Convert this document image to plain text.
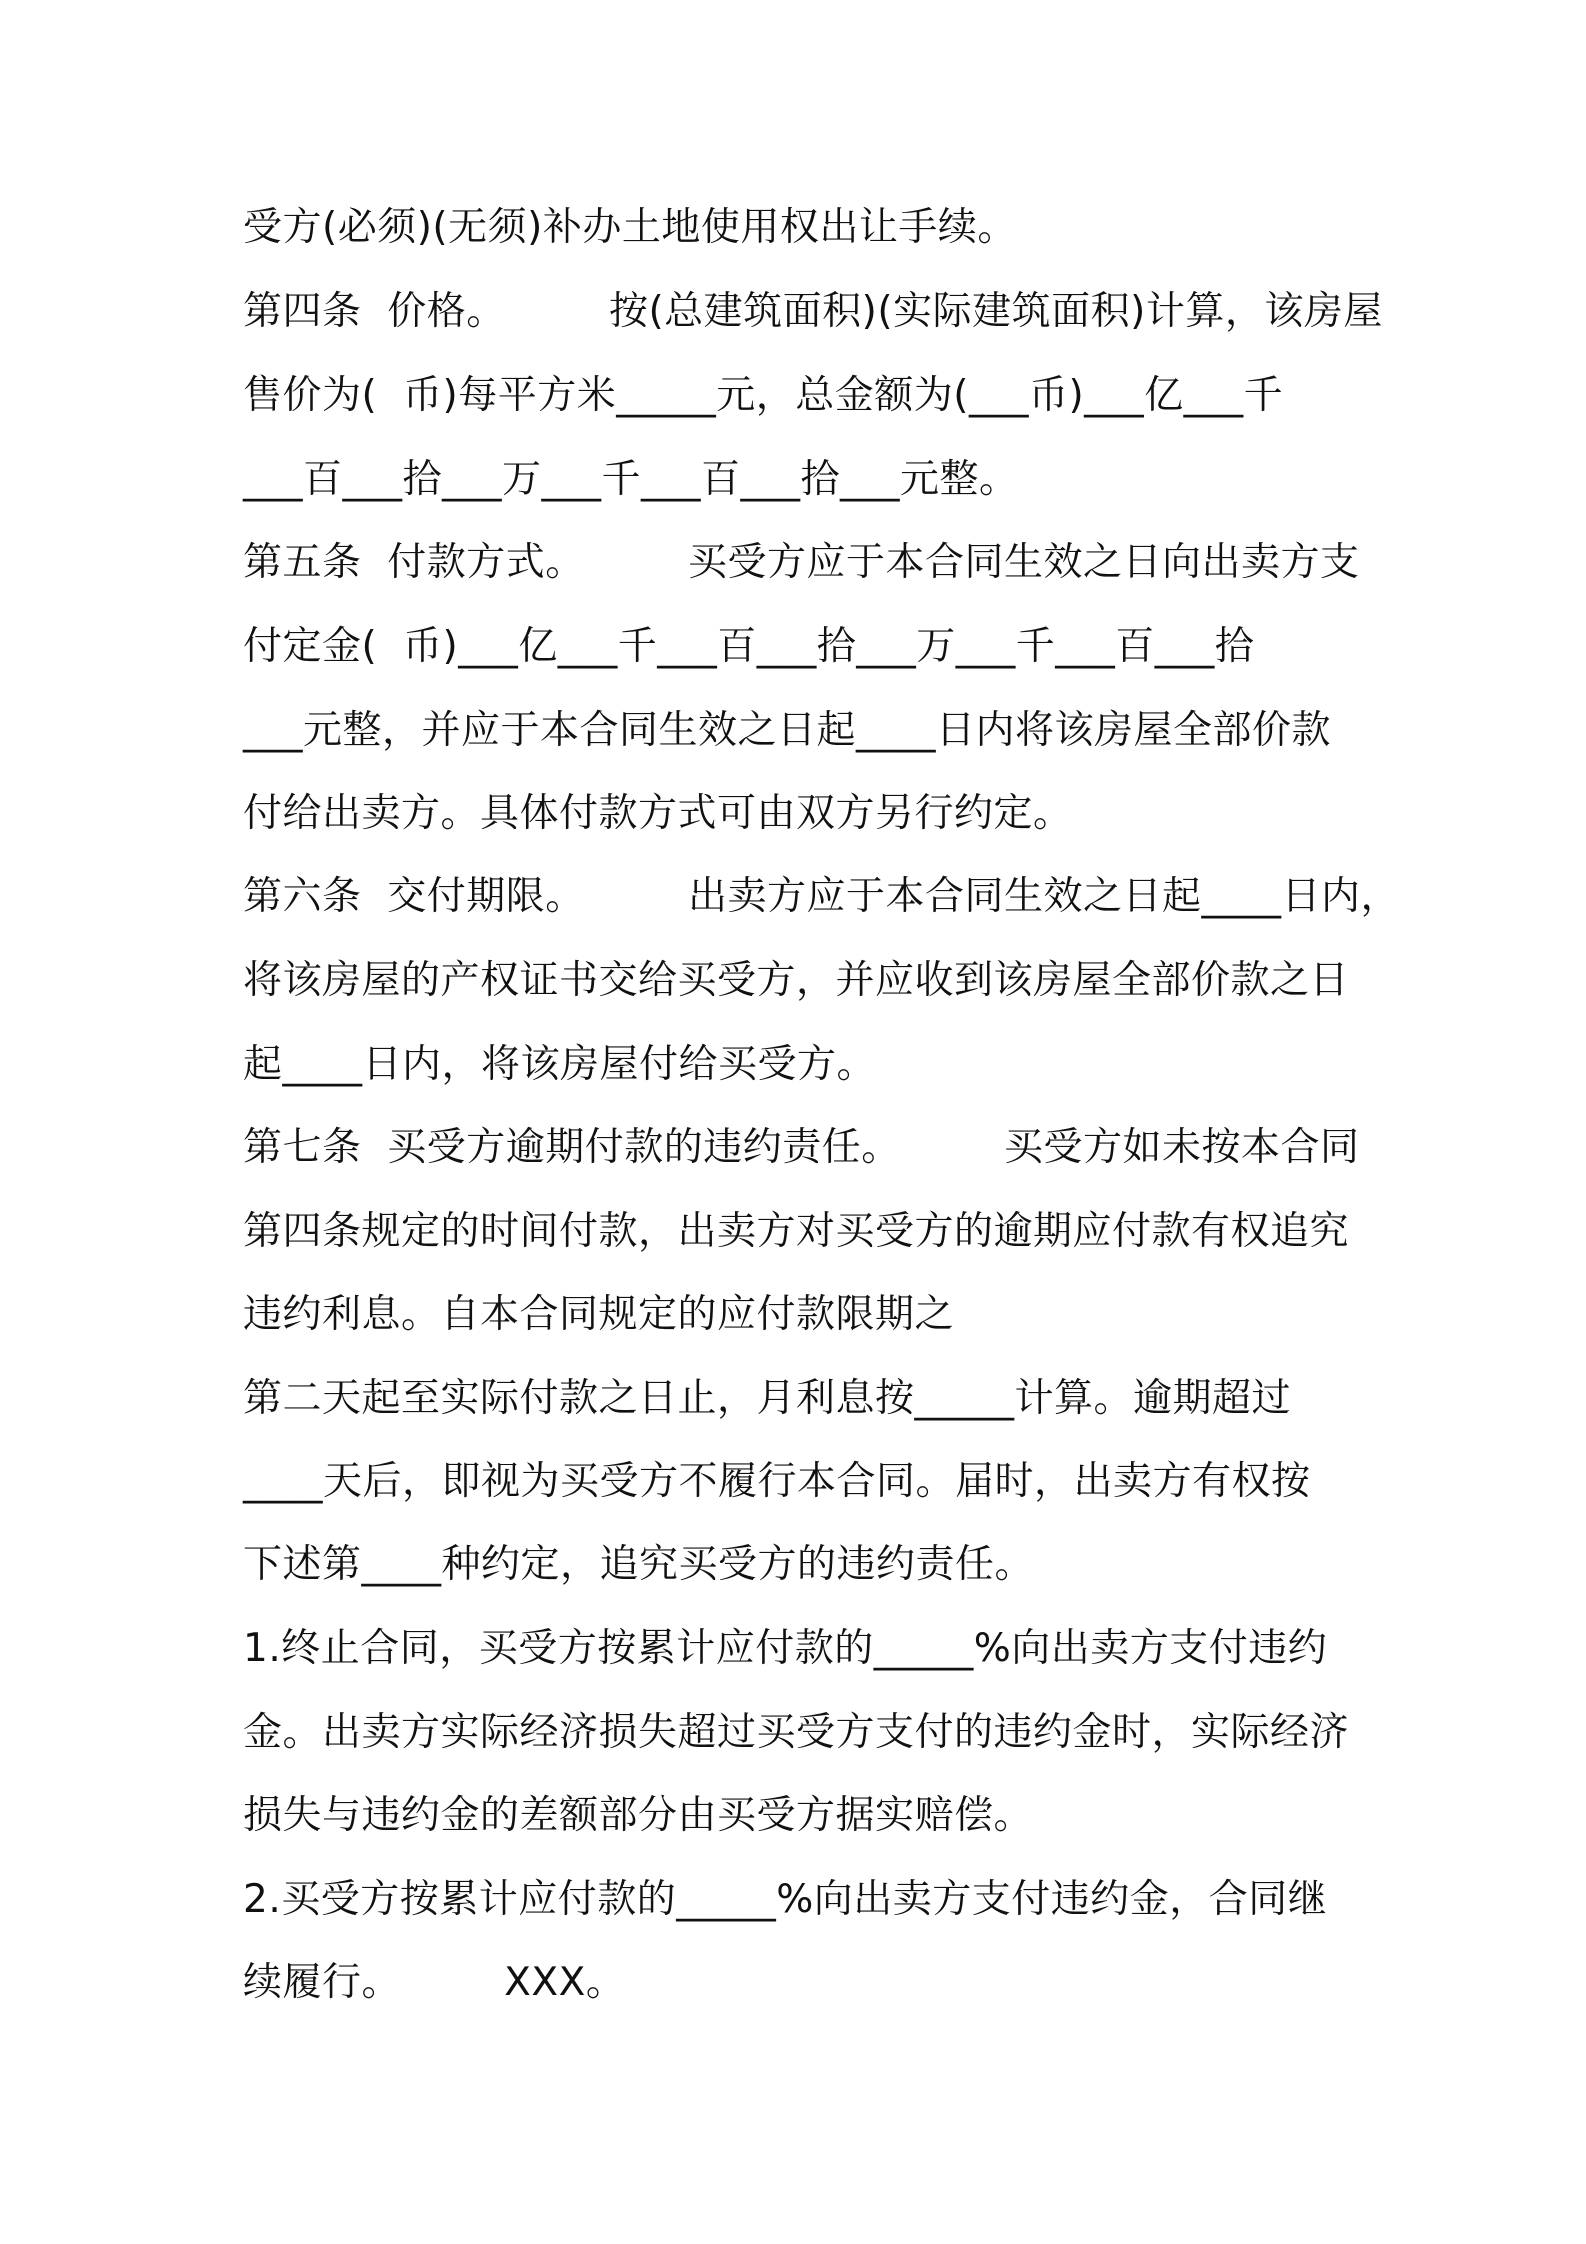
受方(必须)(无须)补办土地使用权出让手续。
第四条  价格。        按(总建筑面积)(实际建筑面积)计算，该房屋
售价为(  币)每平方米_____元，总金额为(___币)___亿___千
___百___拾___万___千___百___拾___元整。
第五条  付款方式。        买受方应于本合同生效之日向出卖方支
付定金(  币)___亿___千___百___拾___万___千___百___拾
___元整，并应于本合同生效之日起____日内将该房屋全部价款
付给出卖方。具体付款方式可由双方另行约定。
第六条  交付期限。        出卖方应于本合同生效之日起____日内，
将该房屋的产权证书交给买受方，并应收到该房屋全部价款之日
起____日内，将该房屋付给买受方。
第七条  买受方逾期付款的违约责任。        买受方如未按本合同
第四条规定的时间付款，出卖方对买受方的逾期应付款有权追究
违约利息。自本合同规定的应付款限期之
第二天起至实际付款之日止，月利息按_____计算。逾期超过
____天后，即视为买受方不履行本合同。届时，出卖方有权按
下述第____种约定，追究买受方的违约责任。
1.终止合同，买受方按累计应付款的_____%向出卖方支付违约
金。出卖方实际经济损失超过买受方支付的违约金时，实际经济
损失与违约金的差额部分由买受方据实赔偿。
2.买受方按累计应付款的_____%向出卖方支付违约金，合同继
续履行。        XXX。
